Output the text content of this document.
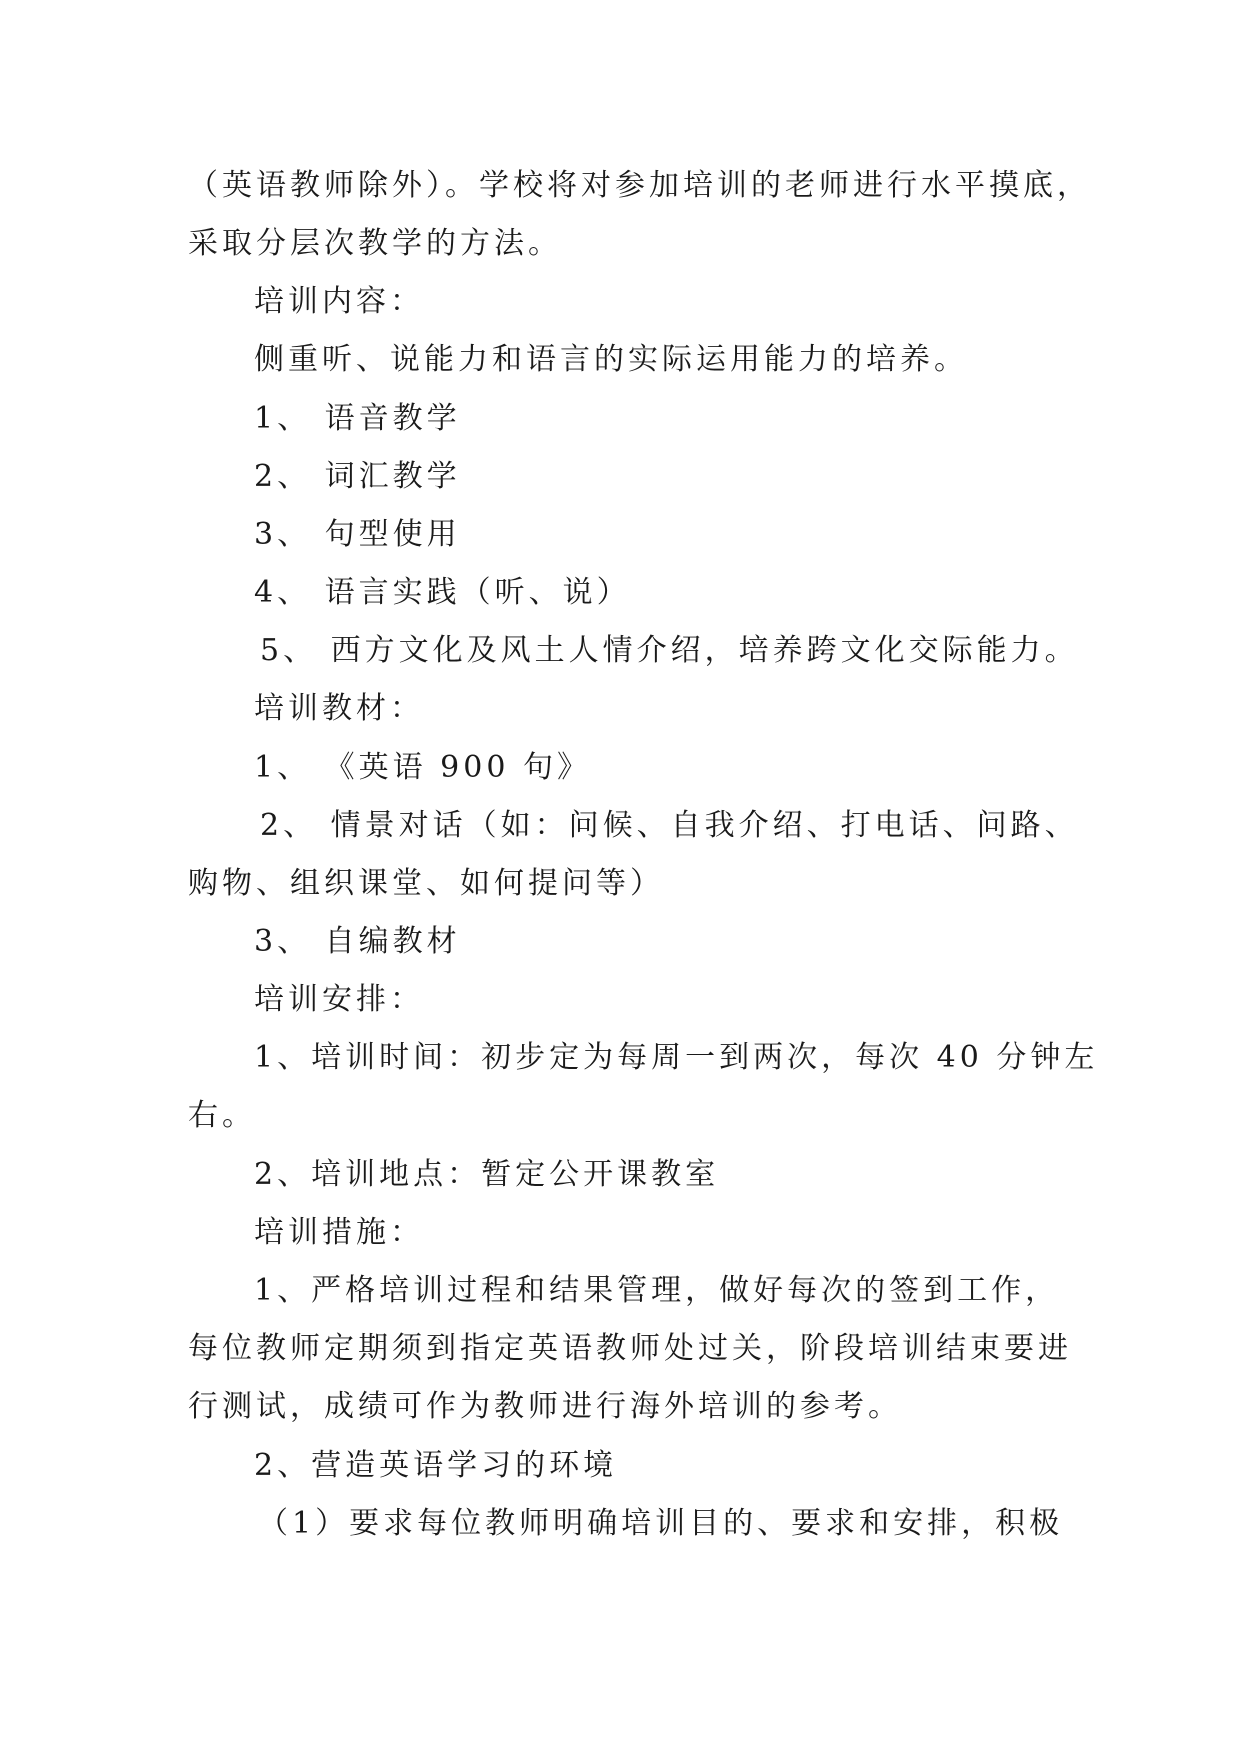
（英语教师除外）。学校将对参加培训的老师进行水平摸底，
采取分层次教学的方法。
培训内容：
侧重听、说能力和语言的实际运用能力的培养。
1、 语音教学
2、 词汇教学
3、 句型使用
4、 语言实践（听、说）
5、 西方文化及风土人情介绍，培养跨文化交际能力。
培训教材：
1、 《英语 900 句》
2、 情景对话（如：问候、自我介绍、打电话、问路、
购物、组织课堂、如何提问等）
3、 自编教材
培训安排：
1、培训时间：初步定为每周一到两次，每次 40 分钟左
右。
2、培训地点：暂定公开课教室
培训措施：
1、严格培训过程和结果管理，做好每次的签到工作，
每位教师定期须到指定英语教师处过关，阶段培训结束要进
行测试，成绩可作为教师进行海外培训的参考。
2、营造英语学习的环境
（1）要求每位教师明确培训目的、要求和安排，积极
